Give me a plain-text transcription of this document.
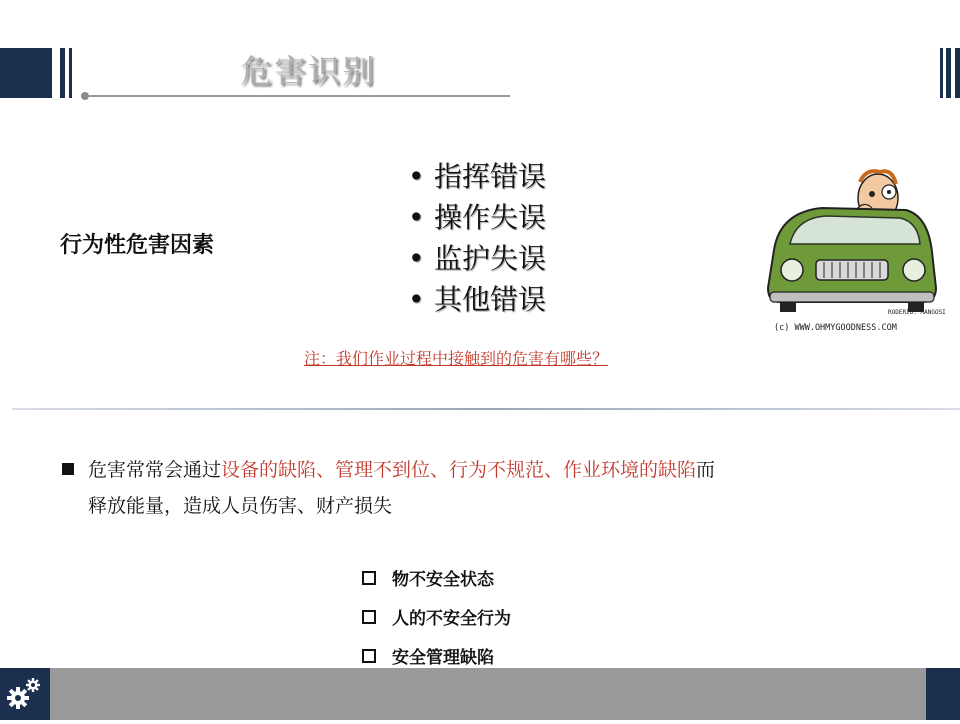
危害识别
行为性危害因素
• 指挥错误
• 操作失误
• 监护失误
• 其他错误	RODERIO. MANGOSI
(c) WWW.OHMYGOODNESS.COM
注：我们作业过程中接触到的危害有哪些？
危害常常会通过设备的缺陷、管理不到位、行为不规范、作业环境的缺陷而
释放能量，造成人员伤害、财产损失
物不安全状态
人的不安全行为
安全管理缺陷
